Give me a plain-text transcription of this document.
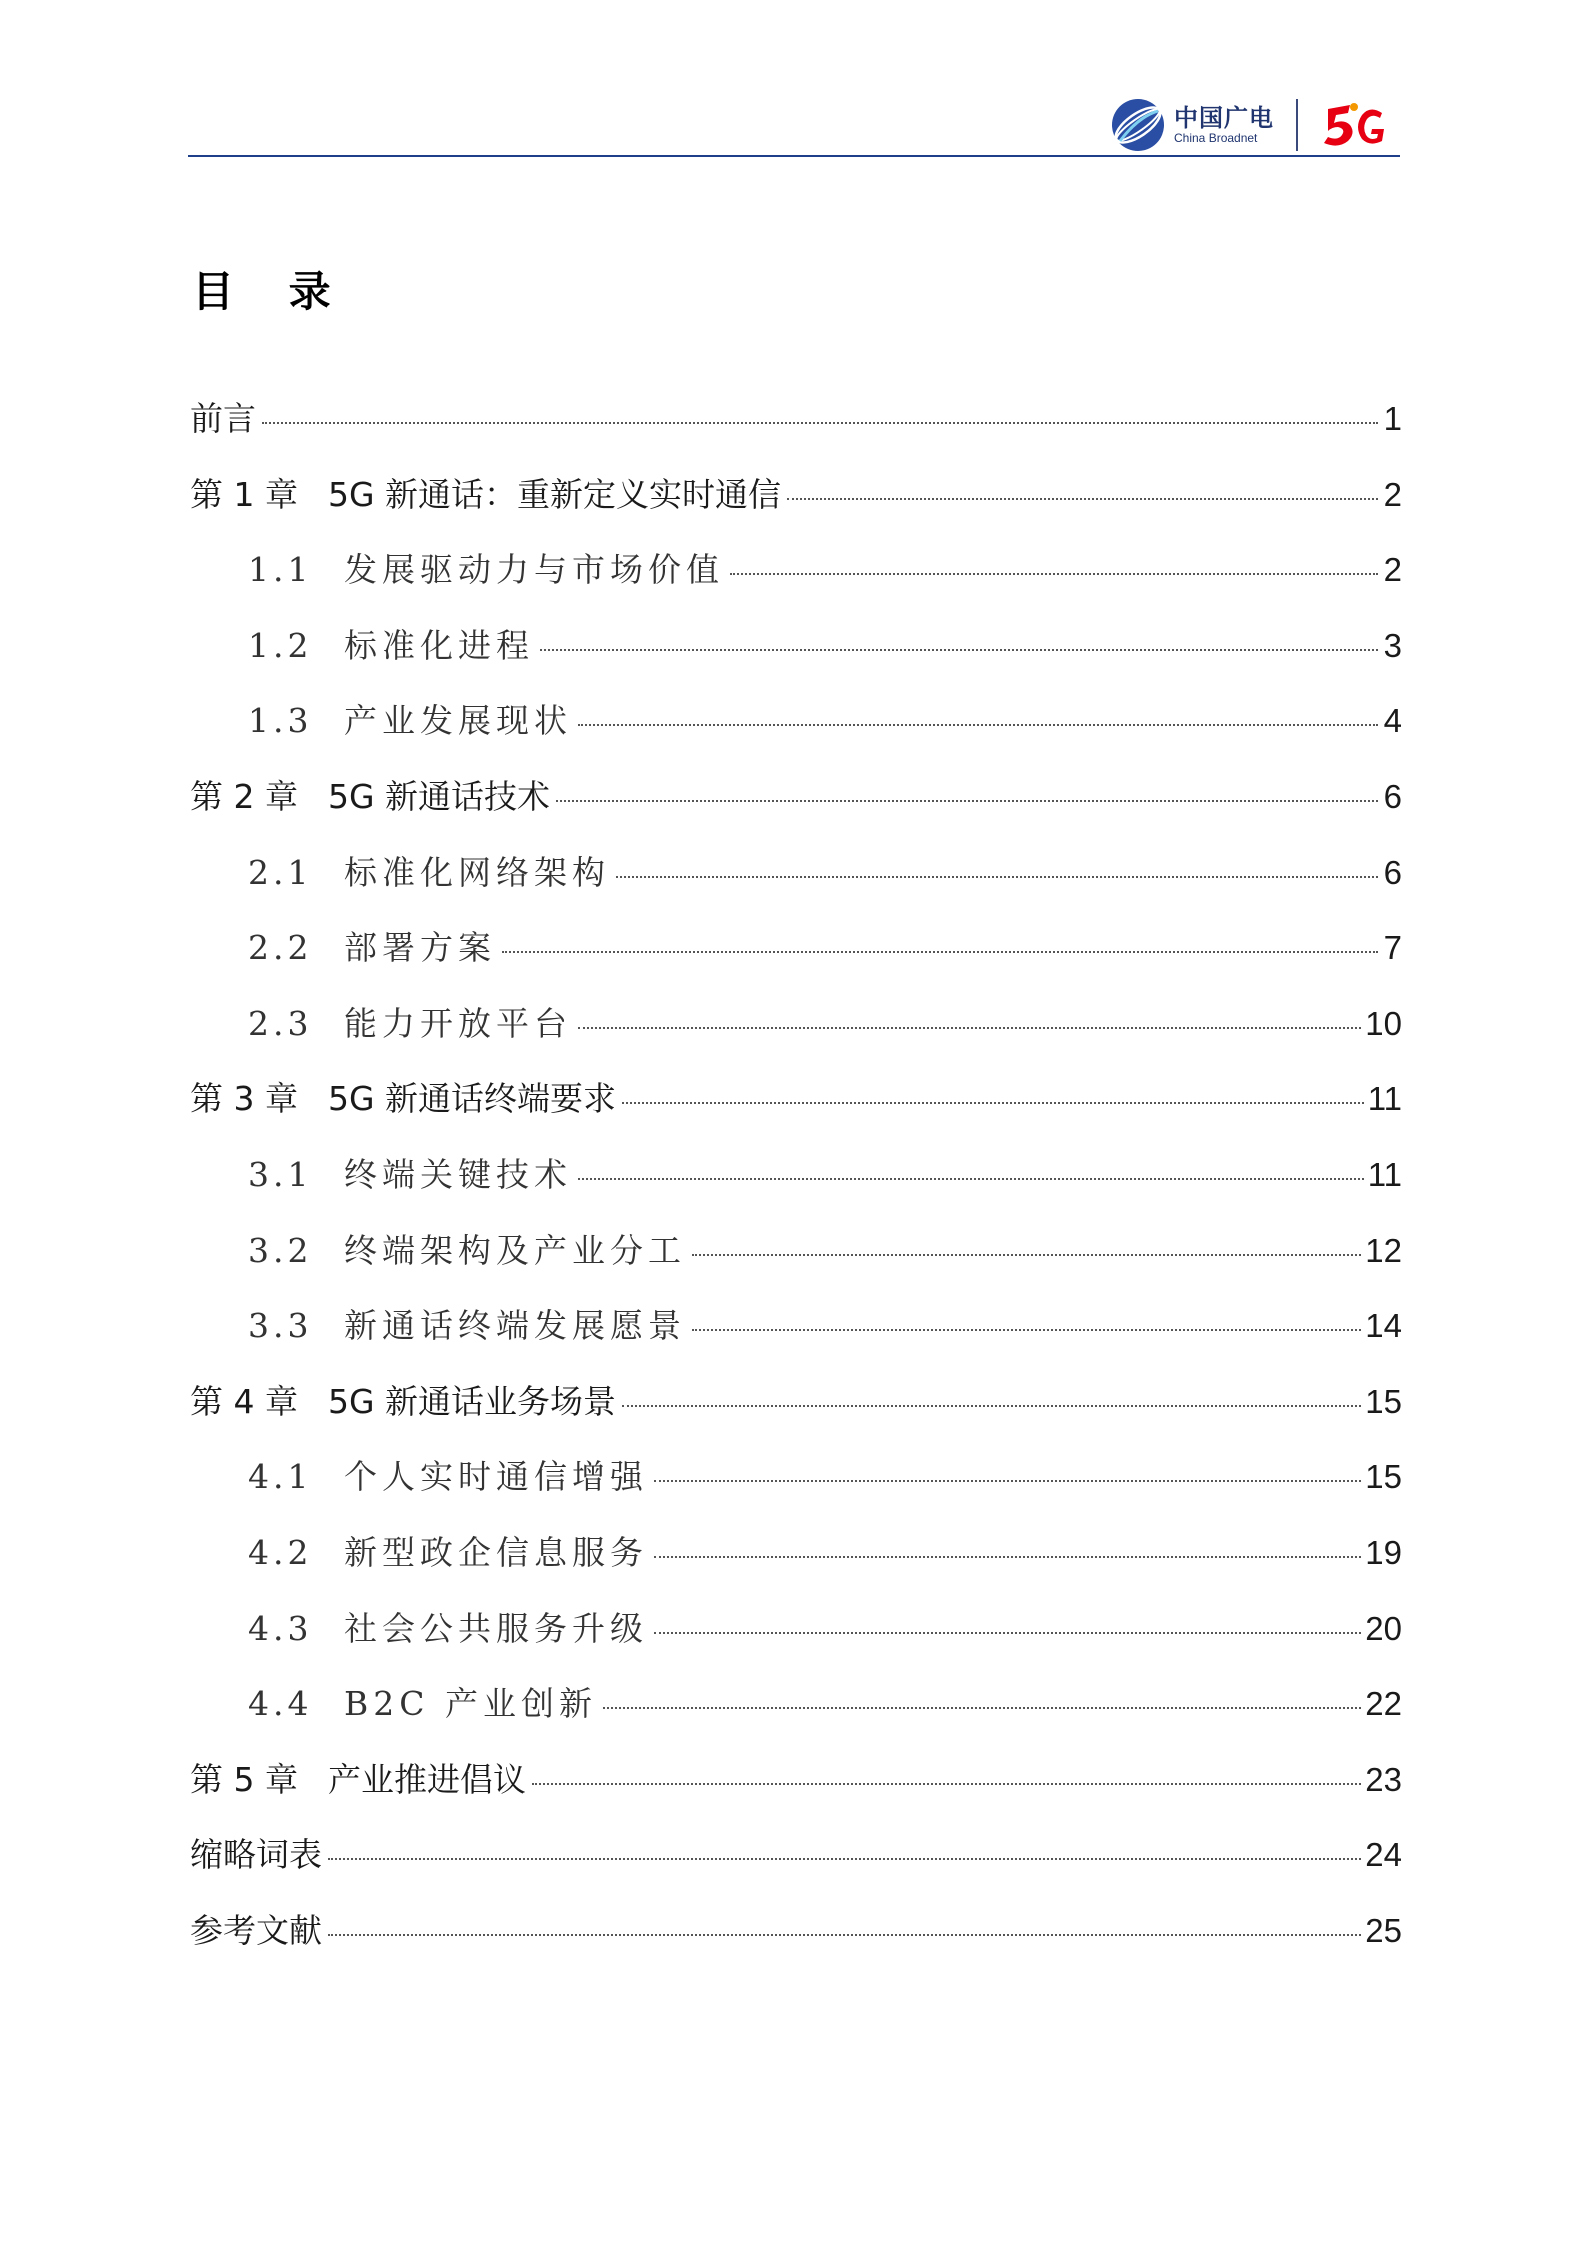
中国广电
China Broadnet
目 录
前言	1
第 1 章 5G 新通话：重新定义实时通信	2
1.1 发展驱动力与市场价值	2
1.2 标准化进程	3
1.3 产业发展现状	4
第 2 章 5G 新通话技术	6
2.1 标准化网络架构	6
2.2 部署方案	7
2.3 能力开放平台	10
第 3 章 5G 新通话终端要求	11
3.1 终端关键技术	11
3.2 终端架构及产业分工	12
3.3 新通话终端发展愿景	14
第 4 章 5G 新通话业务场景	15
4.1 个人实时通信增强	15
4.2 新型政企信息服务	19
4.3 社会公共服务升级	20
4.4 B2C 产业创新	22
第 5 章 产业推进倡议	23
缩略词表	24
参考文献	25
